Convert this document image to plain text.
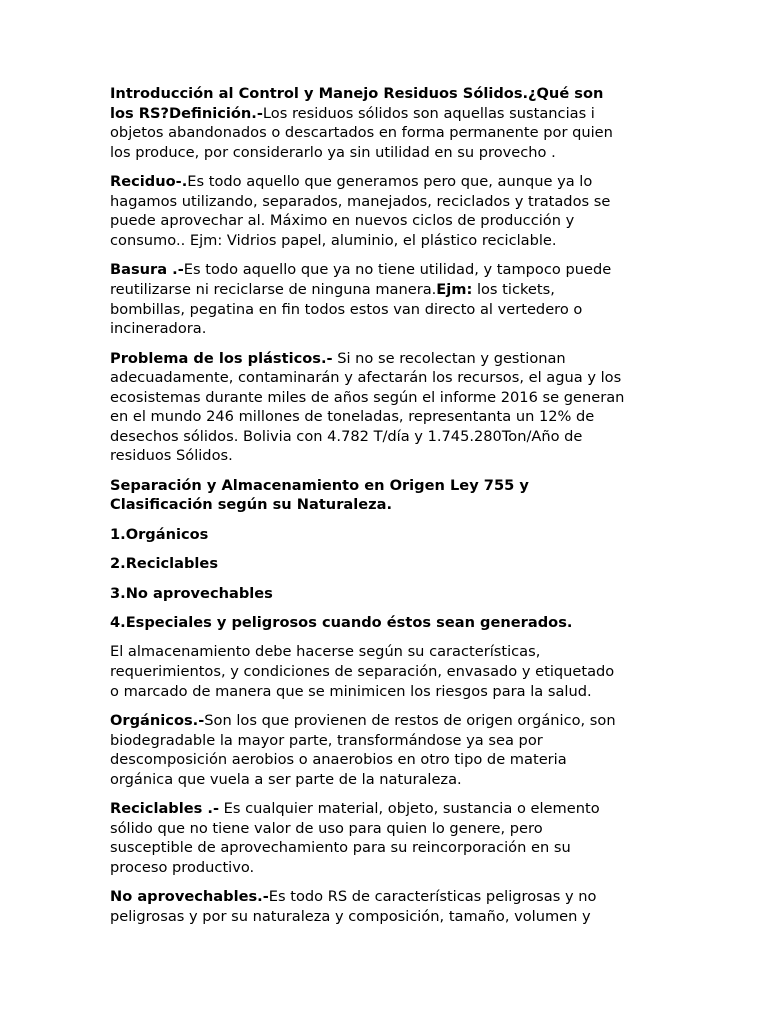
Introducción al Control y Manejo Residuos Sólidos.¿Qué son
los RS?Definición.-Los residuos sólidos son aquellas sustancias i
objetos abandonados o descartados en forma permanente por quien
los produce, por considerarlo ya sin utilidad en su provecho .

Reciduo-.Es todo aquello que generamos pero que, aunque ya lo
hagamos utilizando, separados, manejados, reciclados y tratados se
puede aprovechar al. Máximo en nuevos ciclos de producción y
consumo.. Ejm: Vidrios papel, aluminio, el plástico reciclable.

Basura .-Es todo aquello que ya no tiene utilidad, y tampoco puede
reutilizarse ni reciclarse de ninguna manera.Ejm: los tickets,
bombillas, pegatina en fin todos estos van directo al vertedero o
incineradora.

Problema de los plásticos.- Si no se recolectan y gestionan
adecuadamente, contaminarán y afectarán los recursos, el agua y los
ecosistemas durante miles de años según el informe 2016 se generan
en el mundo 246 millones de toneladas, representanta un 12% de
desechos sólidos. Bolivia con 4.782 T/día y 1.745.280Ton/Año de
residuos Sólidos.

Separación y Almacenamiento en Origen Ley 755 y
Clasificación según su Naturaleza.

1.Orgánicos

2.Reciclables

3.No aprovechables

4.Especiales y peligrosos cuando éstos sean generados.

El almacenamiento debe hacerse según su características,
requerimientos, y condiciones de separación, envasado y etiquetado
o marcado de manera que se minimicen los riesgos para la salud.

Orgánicos.-Son los que provienen de restos de origen orgánico, son
biodegradable la mayor parte, transformándose ya sea por
descomposición aerobios o anaerobios en otro tipo de materia
orgánica que vuela a ser parte de la naturaleza.

Reciclables .- Es cualquier material, objeto, sustancia o elemento
sólido que no tiene valor de uso para quien lo genere, pero
susceptible de aprovechamiento para su reincorporación en su
proceso productivo.

No aprovechables.-Es todo RS de características peligrosas y no
peligrosas y por su naturaleza y composición, tamaño, volumen y
